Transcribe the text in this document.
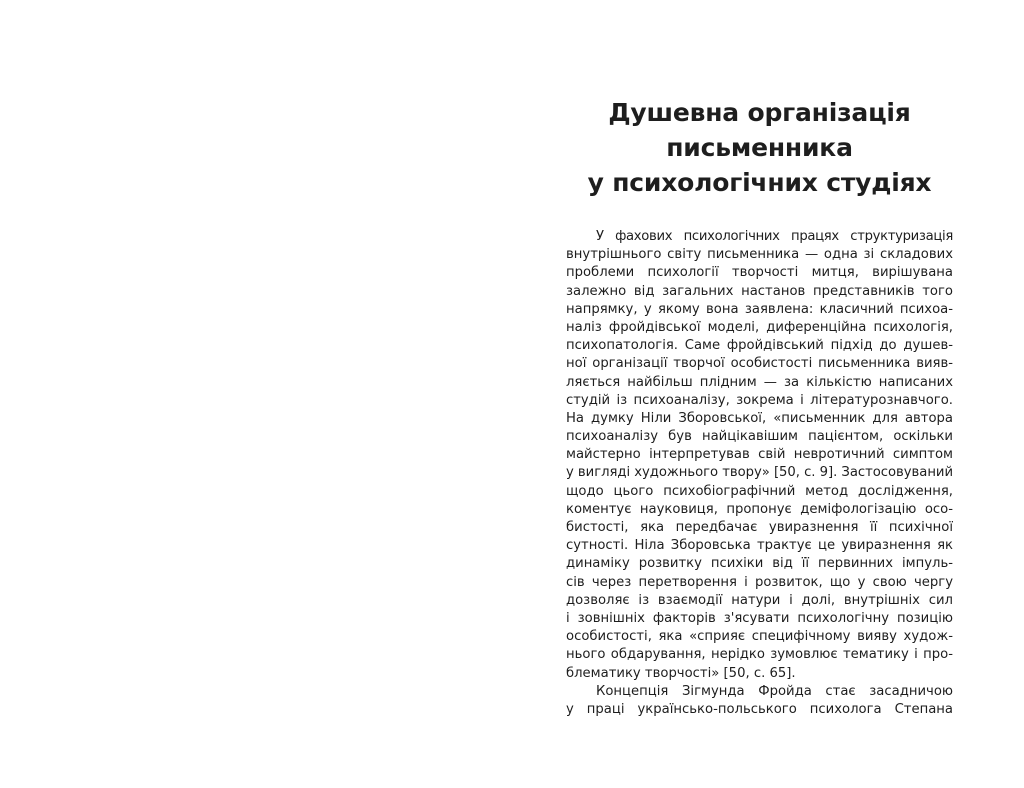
Душевна організація
письменника
у психологічних студіях
У фахових психологічних працях структуризація
внутрішнього світу письменника — одна зі складових
проблеми психології творчості митця, вирішувана
залежно від загальних настанов представників того
напрямку, у якому вона заявлена: класичний психоа-
наліз фройдівської моделі, диференційна психологія,
психопатологія. Саме фройдівський підхід до душев-
ної організації творчої особистості письменника вияв-
ляється найбільш плідним — за кількістю написаних
студій із психоаналізу, зокрема і літературознавчого.
На думку Ніли Зборовської, «письменник для автора
психоаналізу був найцікавішим пацієнтом, оскільки
майстерно інтерпретував свій невротичний симптом
у вигляді художнього твору» [50, с. 9]. Застосовуваний
щодо цього психобіографічний метод дослідження,
коментує науковиця, пропонує деміфологізацію осо-
бистості, яка передбачає увиразнення її психічної
сутності. Ніла Зборовська трактує це увиразнення як
динаміку розвитку психіки від її первинних імпуль-
сів через перетворення і розвиток, що у свою чергу
дозволяє із взаємодії натури і долі, внутрішніх сил
і зовнішніх факторів з'ясувати психологічну позицію
особистості, яка «сприяє специфічному вияву худож-
нього обдарування, нерідко зумовлює тематику і про-
блематику творчості» [50, с. 65].
Концепція Зігмунда Фройда стає засадничою
у праці українсько-польського психолога Степана
